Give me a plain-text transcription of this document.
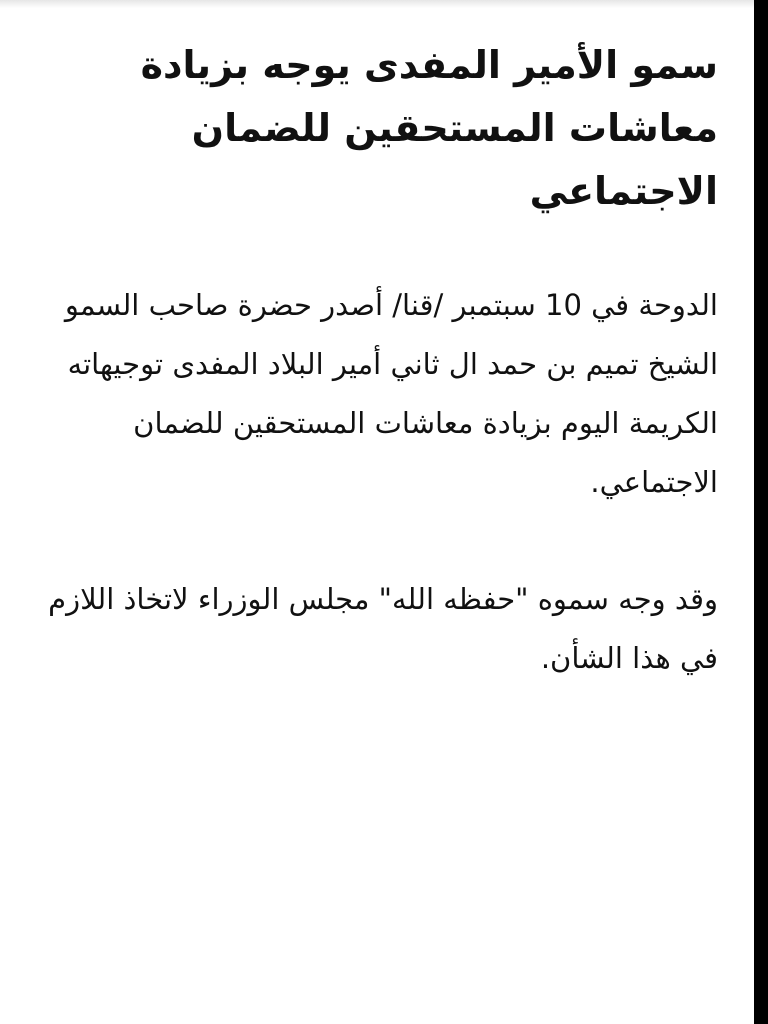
سمو الأمير المفدى يوجه بزيادة معاشات المستحقين للضمان الاجتماعي

الدوحة في 10 سبتمبر /قنا/ أصدر حضرة صاحب السمو الشيخ تميم بن حمد ال ثاني أمير البلاد المفدى توجيهاته الكريمة اليوم بزيادة معاشات المستحقين للضمان الاجتماعي.

وقد وجه سموه "حفظه الله" مجلس الوزراء لاتخاذ اللازم في هذا الشأن.
